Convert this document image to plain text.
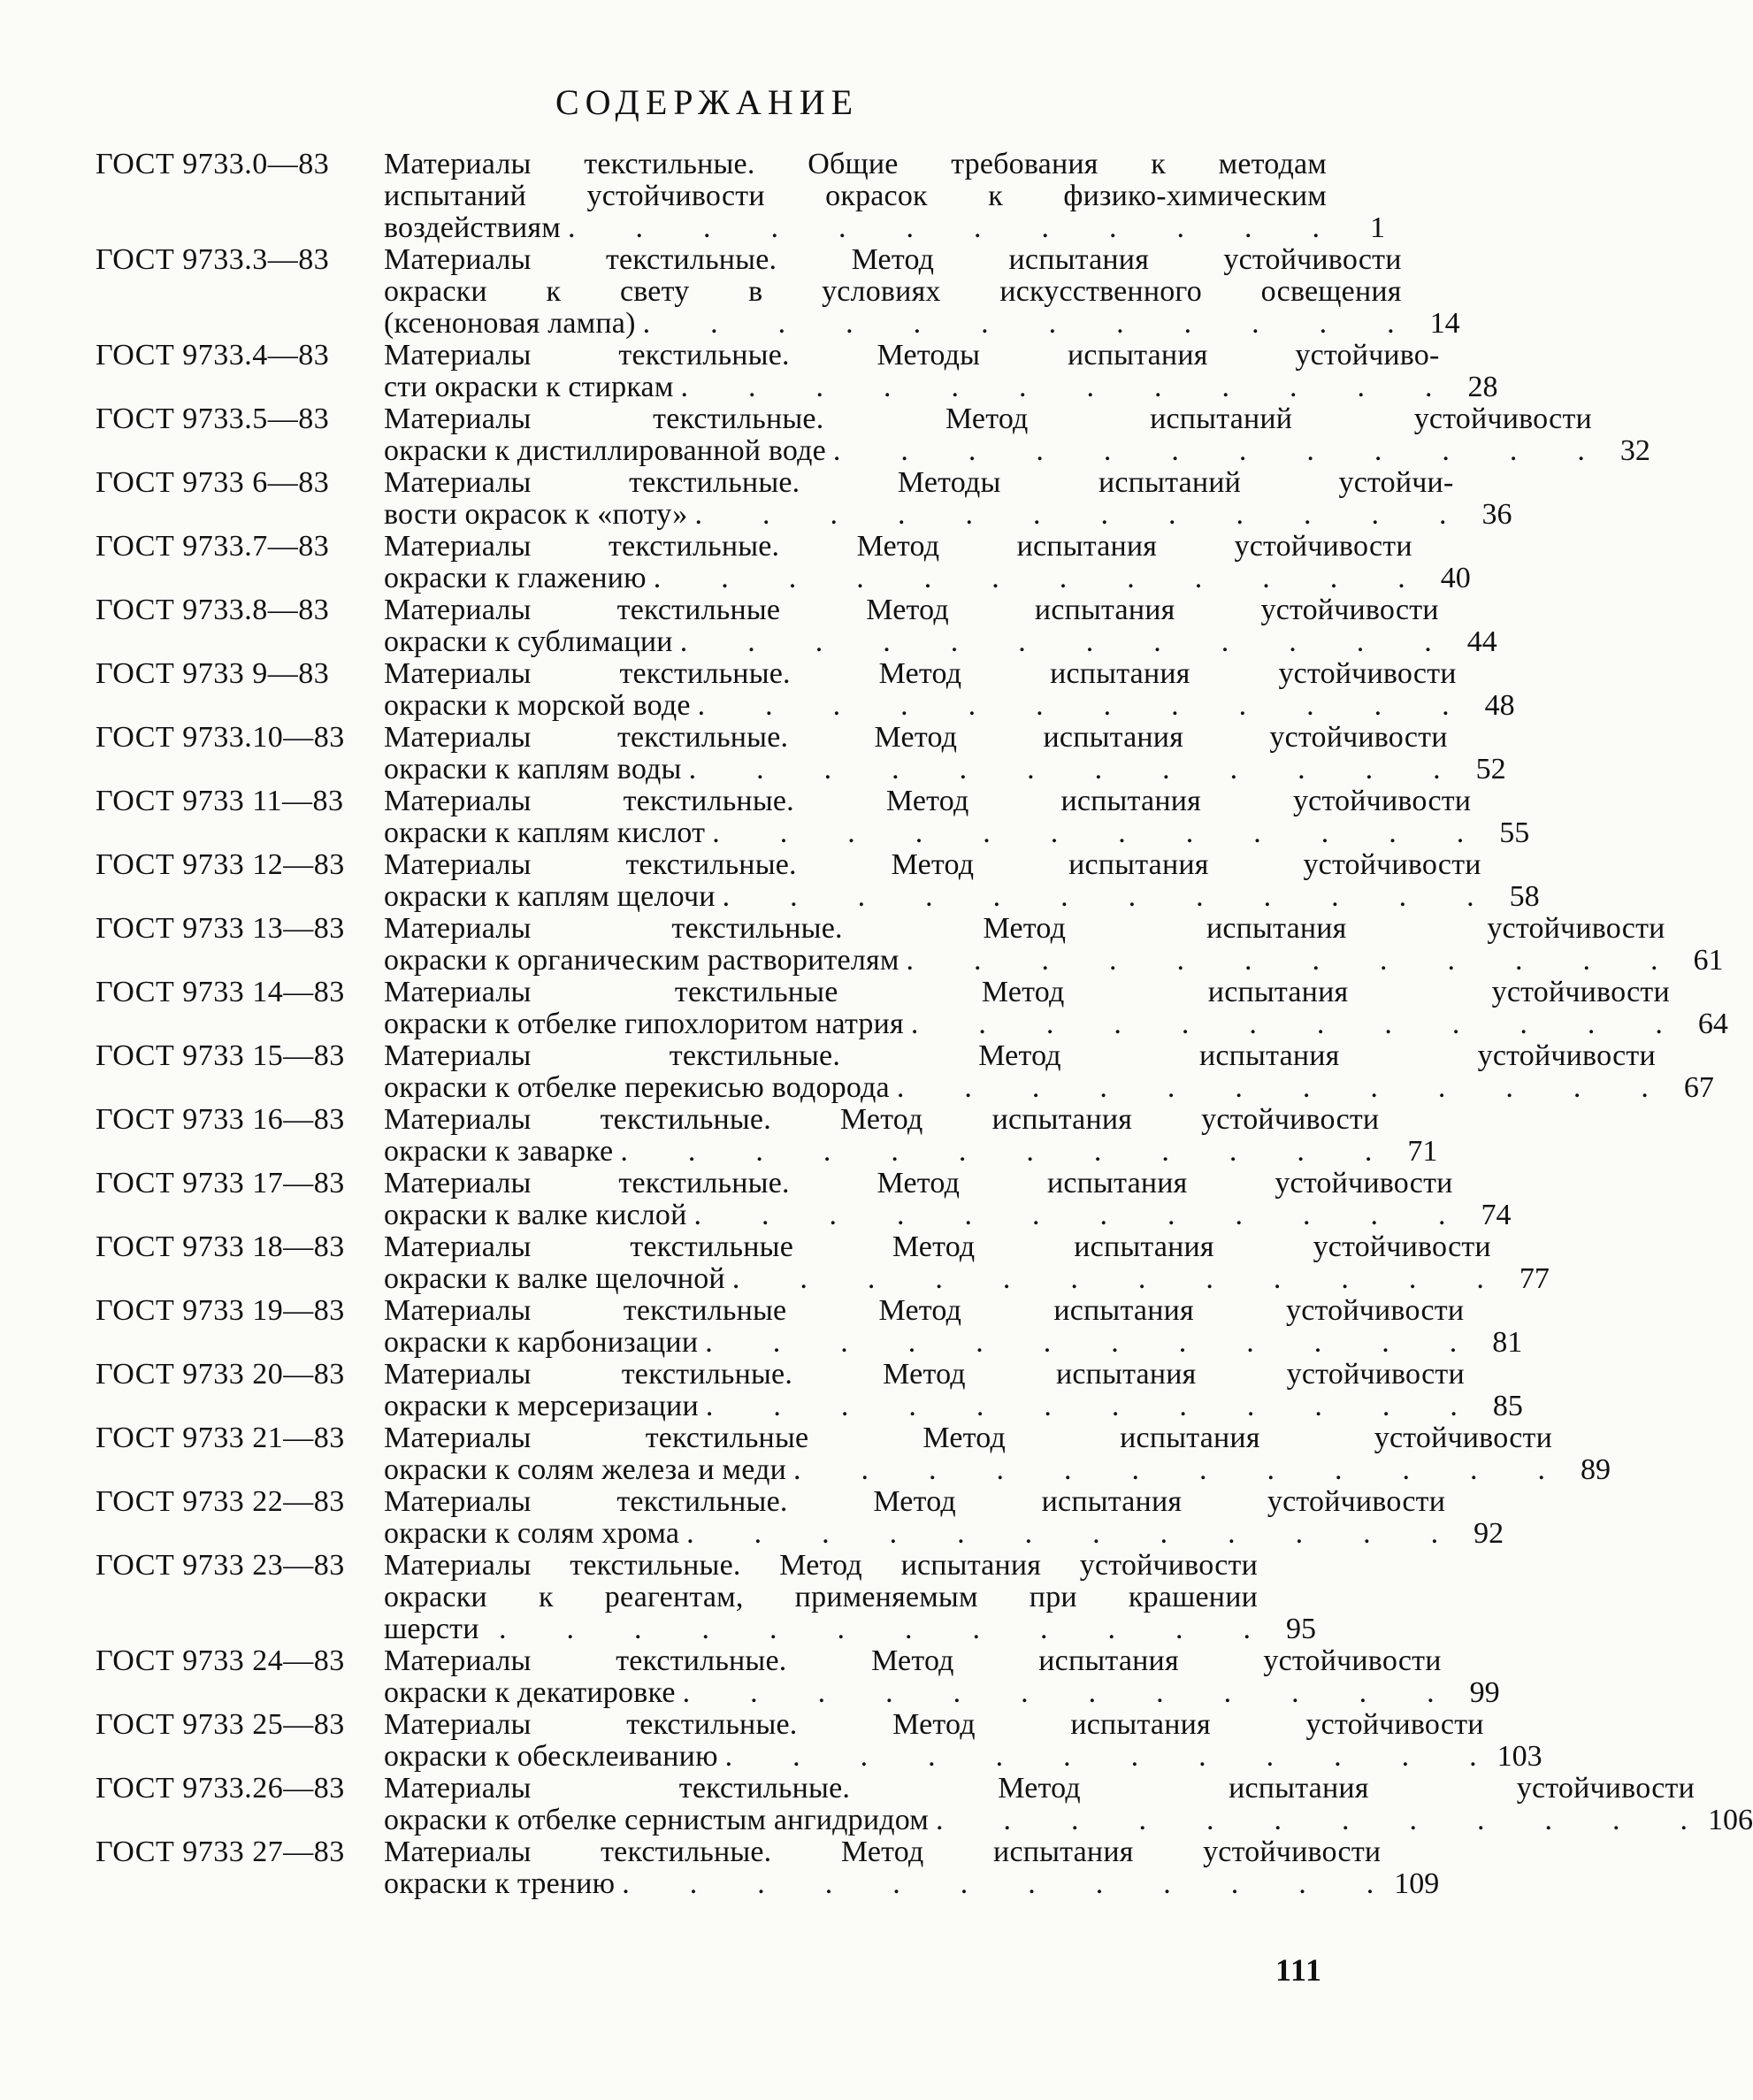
СОДЕРЖАНИЕ
ГОСТ 9733.0—83	Материалы текстильные. Общие требования к методам
испытаний устойчивости окрасок к физико-химическим
воздействиям .	1
ГОСТ 9733.3—83	Материалы текстильные. Метод испытания устойчивости
окраски к свету в условиях искусственного освещения
(ксеноновая лампа) .	14
ГОСТ 9733.4—83	Материалы текстильные. Методы испытания устойчиво-
сти окраски к стиркам .	28
ГОСТ 9733.5—83	Материалы текстильные. Метод испытаний устойчивости
окраски к дистиллированной воде .	32
ГОСТ 9733 6—83	Материалы текстильные. Методы испытаний устойчи-
вости окрасок к «поту» .	36
ГОСТ 9733.7—83	Материалы текстильные. Метод испытания устойчивости
окраски к глажению .	40
ГОСТ 9733.8—83	Материалы текстильные Метод испытания устойчивости
окраски к сублимации .	44
ГОСТ 9733 9—83	Материалы текстильные. Метод испытания устойчивости
окраски к морской воде .	48
ГОСТ 9733.10—83	Материалы текстильные. Метод испытания устойчивости
окраски к каплям воды .	52
ГОСТ 9733 11—83	Материалы текстильные. Метод испытания устойчивости
окраски к каплям кислот .	55
ГОСТ 9733 12—83	Материалы текстильные. Метод испытания устойчивости
окраски к каплям щелочи .	58
ГОСТ 9733 13—83	Материалы текстильные. Метод испытания устойчивости
окраски к органическим растворителям .	61
ГОСТ 9733 14—83	Материалы текстильные Метод испытания устойчивости
окраски к отбелке гипохлоритом натрия .	64
ГОСТ 9733 15—83	Материалы текстильные. Метод испытания устойчивости
окраски к отбелке перекисью водорода .	67
ГОСТ 9733 16—83	Материалы текстильные. Метод испытания устойчивости
окраски к заварке .	71
ГОСТ 9733 17—83	Материалы текстильные. Метод испытания устойчивости
окраски к валке кислой .	74
ГОСТ 9733 18—83	Материалы текстильные Метод испытания устойчивости
окраски к валке щелочной .	77
ГОСТ 9733 19—83	Материалы текстильные Метод испытания устойчивости
окраски к карбонизации .	81
ГОСТ 9733 20—83	Материалы текстильные. Метод испытания устойчивости
окраски к мерсеризации .	85
ГОСТ 9733 21—83	Материалы текстильные Метод испытания устойчивости
окраски к солям железа и меди .	89
ГОСТ 9733 22—83	Материалы текстильные. Метод испытания устойчивости
окраски к солям хрома .	92
ГОСТ 9733 23—83	Материалы текстильные. Метод испытания устойчивости
окраски к реагентам, применяемым при крашении
шерсти .	95
ГОСТ 9733 24—83	Материалы текстильные. Метод испытания устойчивости
окраски к декатировке .	99
ГОСТ 9733 25—83	Материалы текстильные. Метод испытания устойчивости
окраски к обесклеиванию .	103
ГОСТ 9733.26—83	Материалы текстильные. Метод испытания устойчивости
окраски к отбелке сернистым ангидридом .	106
ГОСТ 9733 27—83	Материалы текстильные. Метод испытания устойчивости
окраски к трению .	109
111
